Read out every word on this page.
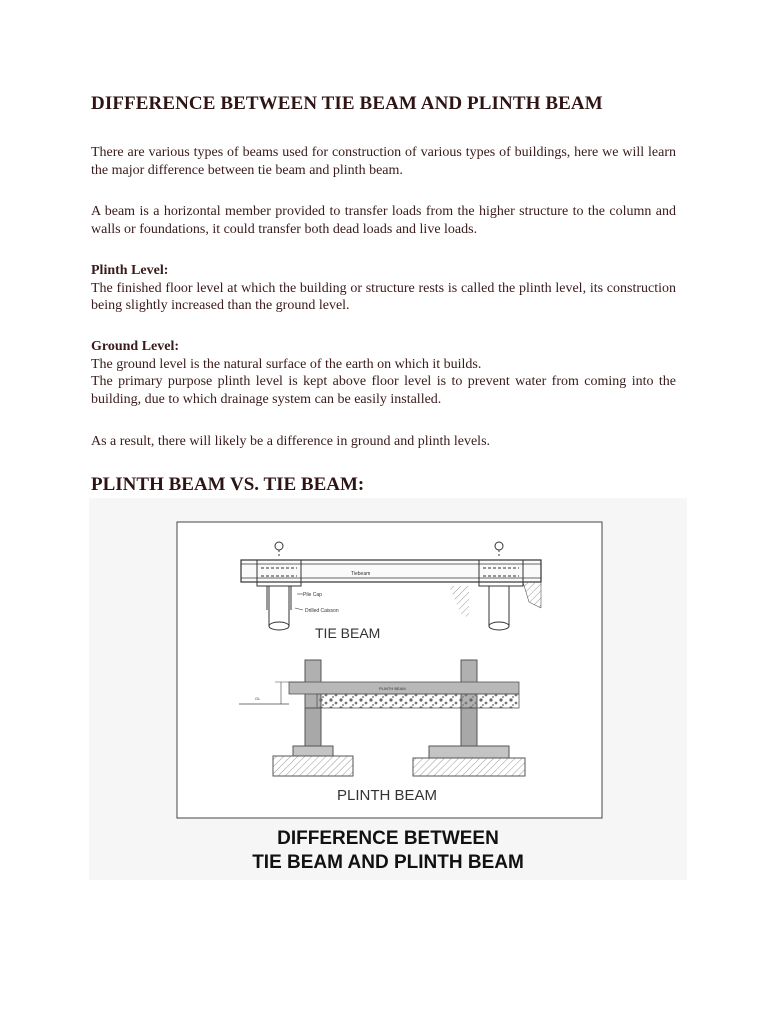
DIFFERENCE BETWEEN TIE BEAM AND PLINTH BEAM

There are various types of beams used for construction of various types of buildings, here we will learn the major difference between tie beam and plinth beam.

A beam is a horizontal member provided to transfer loads from the higher structure to the column and walls or foundations, it could transfer both dead loads and live loads.

Plinth Level:
The finished floor level at which the building or structure rests is called the plinth level, its construction being slightly increased than the ground level.

Ground Level:
The ground level is the natural surface of the earth on which it builds.
The primary purpose plinth level is kept above floor level is to prevent water from coming into the building, due to which drainage system can be easily installed.

As a result, there will likely be a difference in ground and plinth levels.

PLINTH BEAM VS. TIE BEAM:
Tiebeam
Pile Cap
Drilled Caisson
TIE BEAM
PLINTH BEAM
GL
PLINTH BEAM
DIFFERENCE BETWEEN
TIE BEAM AND PLINTH BEAM
